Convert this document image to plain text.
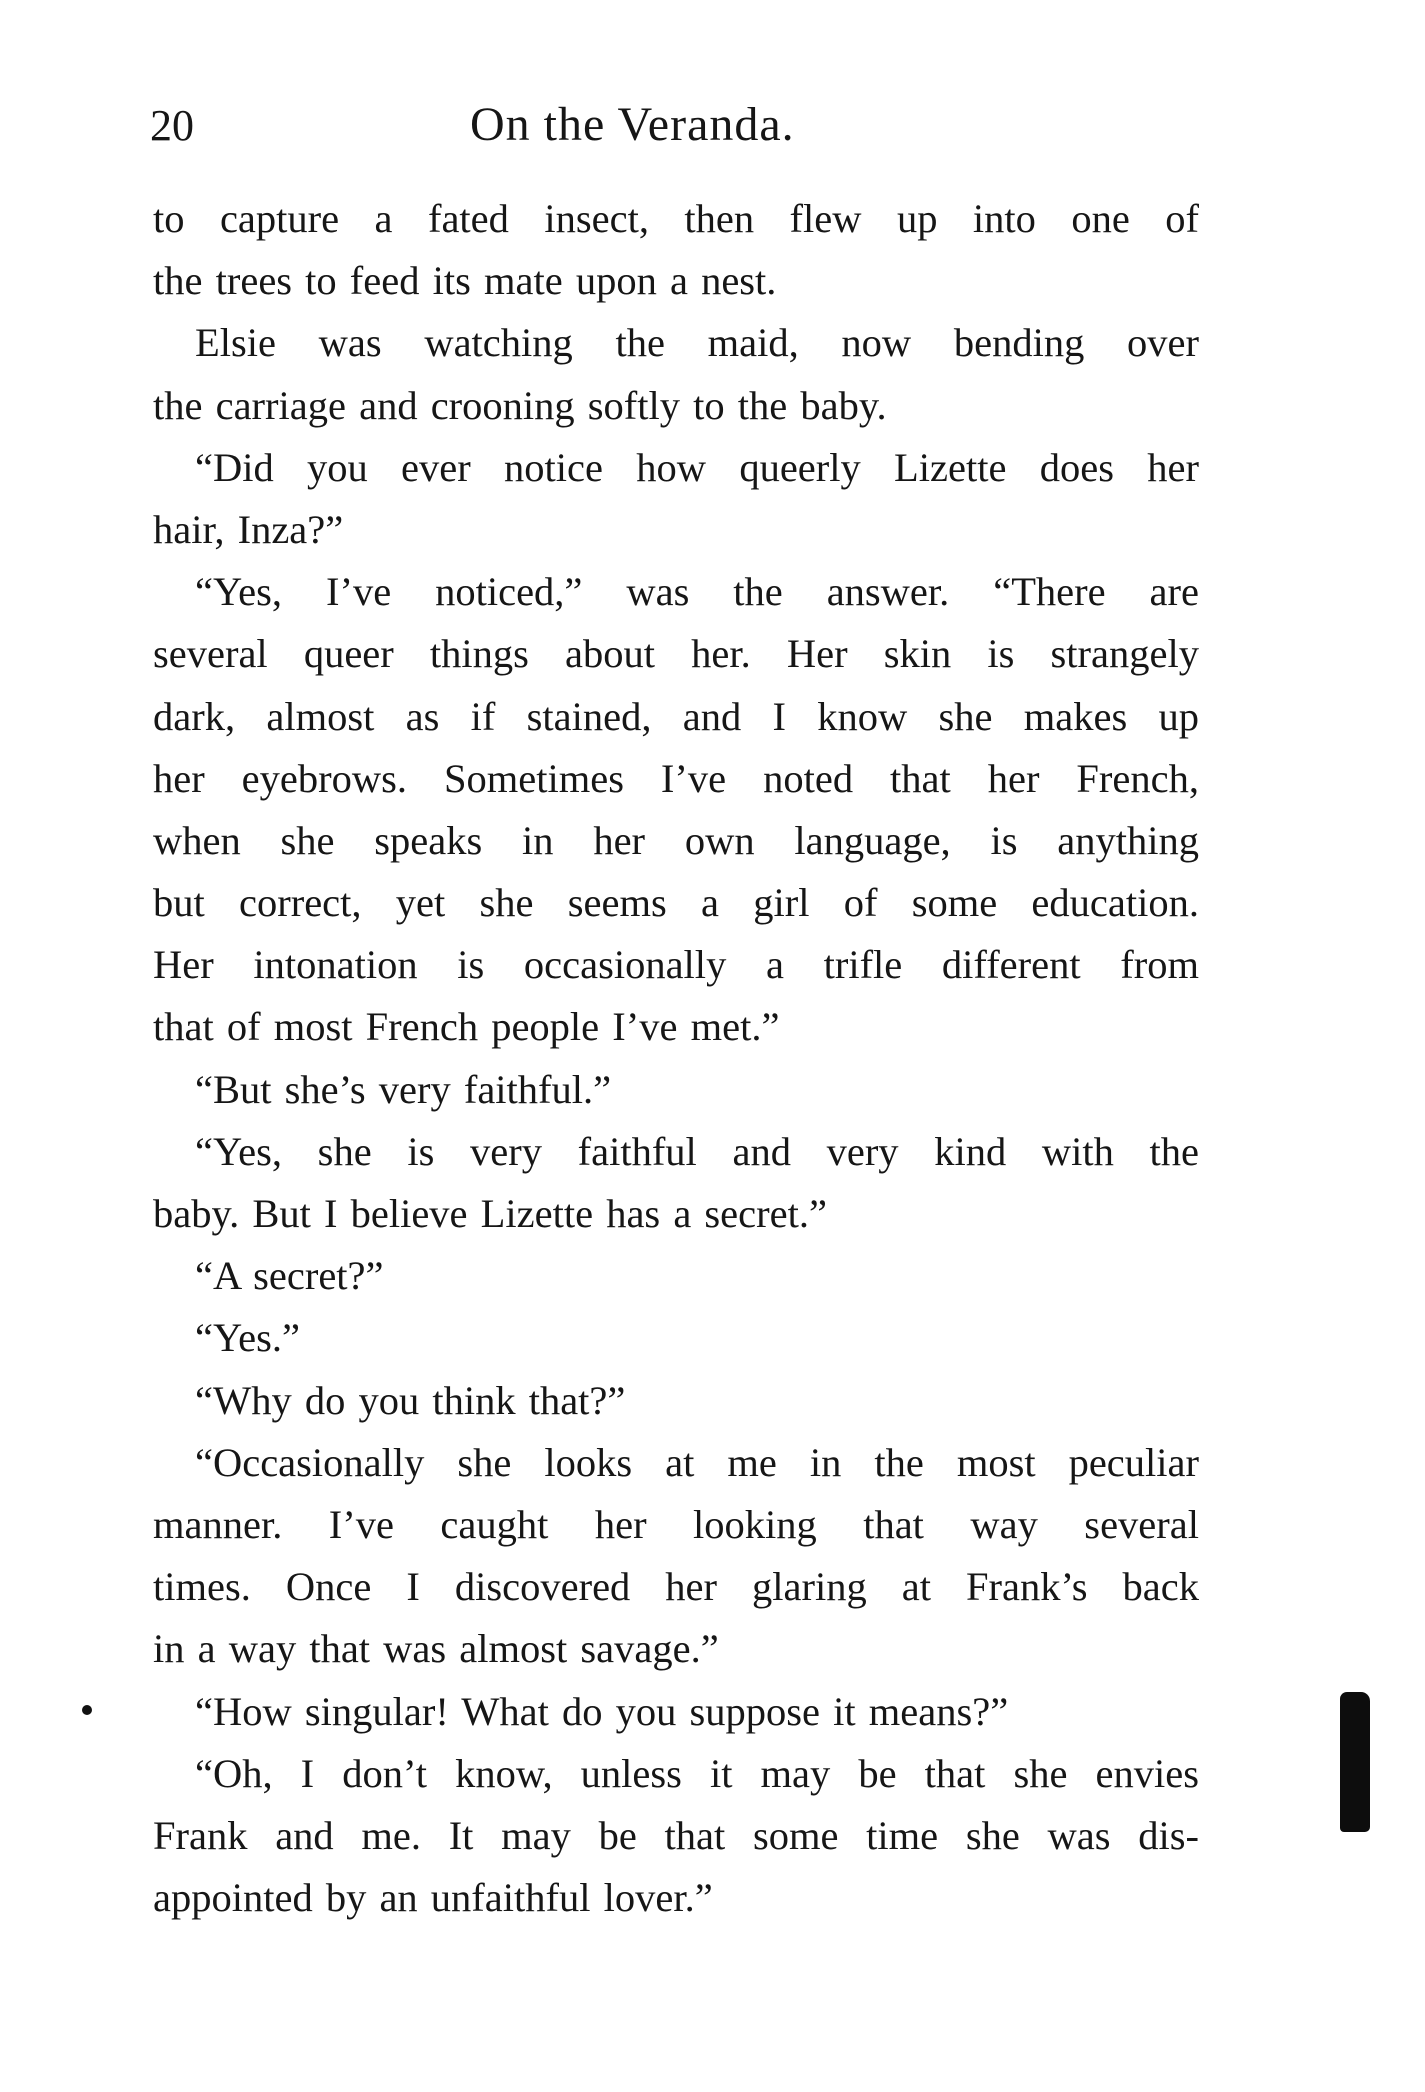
20	On the Veranda.
to capture a fated insect, then flew up into one of
the trees to feed its mate upon a nest.
Elsie was watching the maid, now bending over
the carriage and crooning softly to the baby.
“Did you ever notice how queerly Lizette does her
hair, Inza?”
“Yes, I’ve noticed,” was the answer. “There are
several queer things about her. Her skin is strangely
dark, almost as if stained, and I know she makes up
her eyebrows. Sometimes I’ve noted that her French,
when she speaks in her own language, is anything
but correct, yet she seems a girl of some education.
Her intonation is occasionally a trifle different from
that of most French people I’ve met.”
“But she’s very faithful.”
“Yes, she is very faithful and very kind with the
baby. But I believe Lizette has a secret.”
“A secret?”
“Yes.”
“Why do you think that?”
“Occasionally she looks at me in the most peculiar
manner. I’ve caught her looking that way several
times. Once I discovered her glaring at Frank’s back
in a way that was almost savage.”
“How singular! What do you suppose it means?”
“Oh, I don’t know, unless it may be that she envies
Frank and me. It may be that some time she was dis-
appointed by an unfaithful lover.”
